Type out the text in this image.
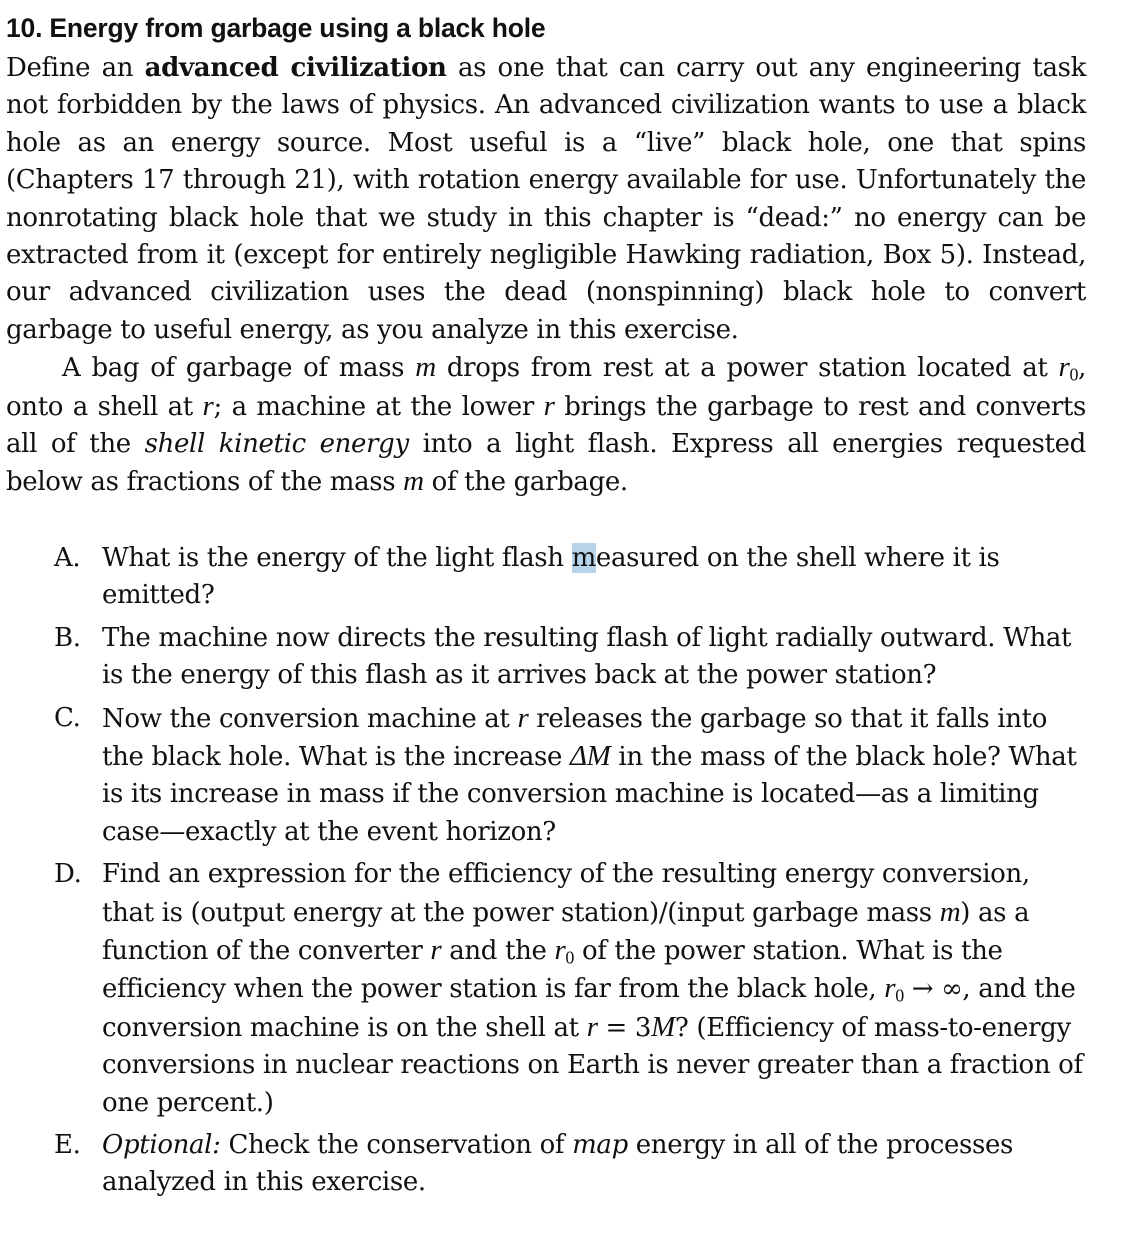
10. Energy from garbage using a black hole

Define an advanced civilization as one that can carry out any engineering task not forbidden by the laws of physics. An advanced civilization wants to use a black hole as an energy source. Most useful is a “live” black hole, one that spins (Chapters 17 through 21), with rotation energy available for use. Unfortunately the nonrotating black hole that we study in this chapter is “dead:” no energy can be extracted from it (except for entirely negligible Hawking radiation, Box 5). Instead, our advanced civilization uses the dead (nonspinning) black hole to convert garbage to useful energy, as you analyze in this exercise.

A bag of garbage of mass m drops from rest at a power station located at $r_0$, onto a shell at r; a machine at the lower r brings the garbage to rest and converts all of the shell kinetic energy into a light flash. Express all energies requested below as fractions of the mass m of the garbage.

A. What is the energy of the light flash measured on the shell where it is emitted?
B. The machine now directs the resulting flash of light radially outward. What is the energy of this flash as it arrives back at the power station?
C. Now the conversion machine at r releases the garbage so that it falls into the black hole. What is the increase ΔM in the mass of the black hole? What is its increase in mass if the conversion machine is located—as a limiting case—exactly at the event horizon?
D. Find an expression for the efficiency of the resulting energy conversion, that is (output energy at the power station)/(input garbage mass m) as a function of the converter r and the $r_0$ of the power station. What is the efficiency when the power station is far from the black hole, $r_0$ → ∞, and the conversion machine is on the shell at r = 3M? (Efficiency of mass-to-energy conversions in nuclear reactions on Earth is never greater than a fraction of one percent.)
E. Optional: Check the conservation of map energy in all of the processes analyzed in this exercise.
